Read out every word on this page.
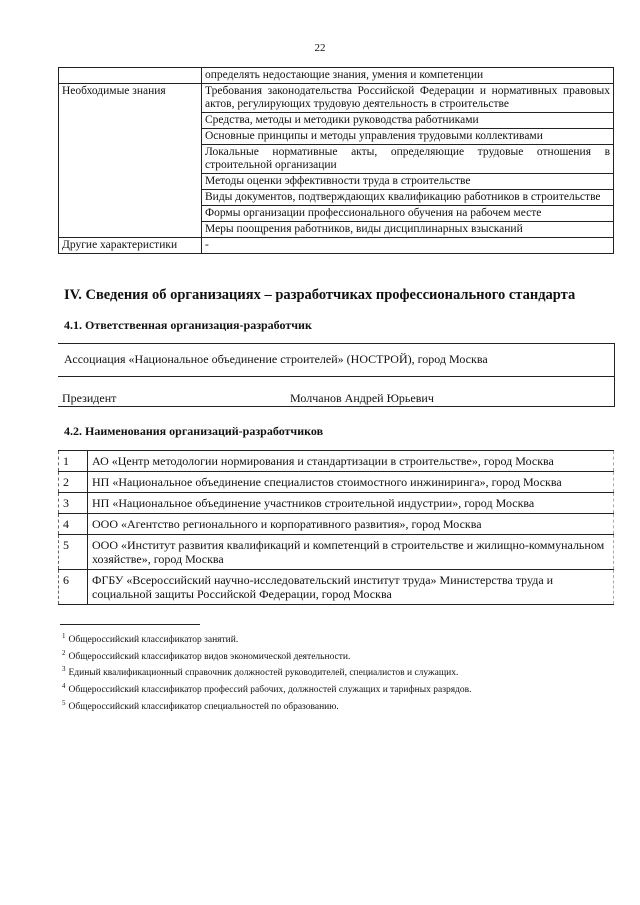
22
	определять недостающие знания, умения и компетенции
Необходимые знания	Требования законодательства Российской Федерации и нормативных правовых актов, регулирующих трудовую деятельность в строительстве
	Средства, методы и методики руководства работниками
	Основные принципы и методы управления трудовыми коллективами
	Локальные нормативные акты, определяющие трудовые отношения в строительной организации
	Методы оценки эффективности труда в строительстве
	Виды документов, подтверждающих квалификацию работников в строительстве
	Формы организации профессионального обучения на рабочем месте
	Меры поощрения работников, виды дисциплинарных взысканий
Другие характеристики	-
IV. Сведения об организациях – разработчиках профессионального стандарта
4.1. Ответственная организация-разработчик
Ассоциация «Национальное объединение строителей» (НОСТРОЙ), город Москва
Президент	Молчанов Андрей Юрьевич
4.2. Наименования организаций-разработчиков
1	АО «Центр методологии нормирования и стандартизации в строительстве», город Москва
2	НП «Национальное объединение специалистов стоимостного инжиниринга», город Москва
3	НП «Национальное объединение участников строительной индустрии», город Москва
4	ООО «Агентство регионального и корпоративного развития», город Москва
5	ООО «Институт развития квалификаций и компетенций в строительстве и жилищно-коммунальном хозяйстве», город Москва
6	ФГБУ «Всероссийский научно-исследовательский институт труда» Министерства труда и социальной защиты Российской Федерации, город Москва
$^1$ Общероссийский классификатор занятий.
$^2$ Общероссийский классификатор видов экономической деятельности.
$^3$ Единый квалификационный справочник должностей руководителей, специалистов и служащих.
$^4$ Общероссийский классификатор профессий рабочих, должностей служащих и тарифных разрядов.
$^5$ Общероссийский классификатор специальностей по образованию.
